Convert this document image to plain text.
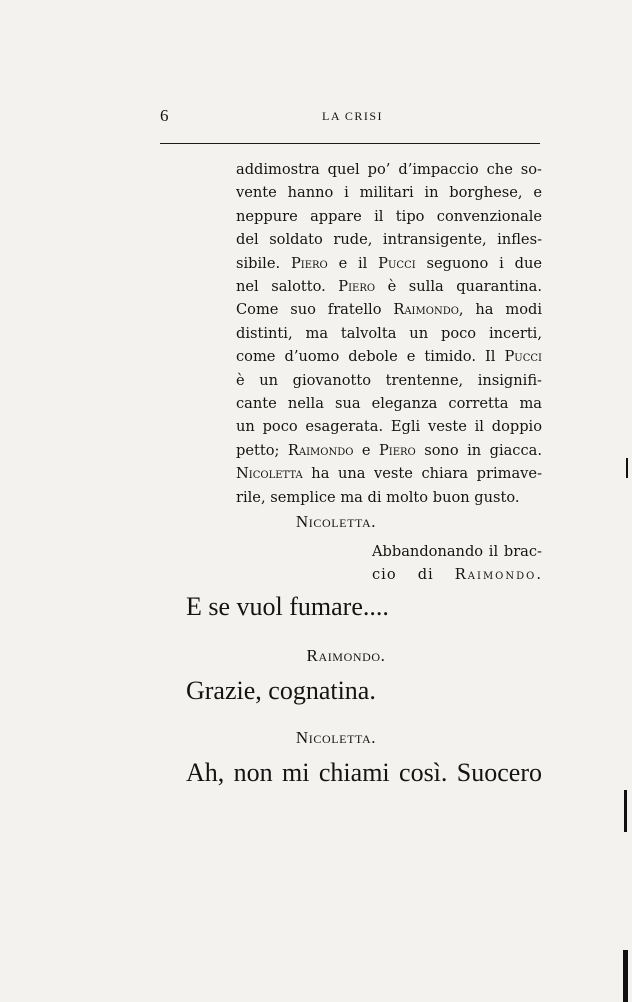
6	LA CRISI
addimostra quel po’ d’impaccio che so-
vente hanno i militari in borghese, e
neppure appare il tipo convenzionale
del soldato rude, intransigente, infles-
sibile. Piero e il Pucci seguono i due
nel salotto. Piero è sulla quarantina.
Come suo fratello Raimondo, ha modi
distinti, ma talvolta un poco incerti,
come d’uomo debole e timido. Il Pucci
è un giovanotto trentenne, insignifi-
cante nella sua eleganza corretta ma
un poco esagerata. Egli veste il doppio
petto; Raimondo e Piero sono in giacca.
Nicoletta ha una veste chiara primave-
rile, semplice ma di molto buon gusto.
Nicoletta.
Abbandonando il brac-
cio di Raimondo.
E se vuol fumare....
Raimondo.
Grazie, cognatina.
Nicoletta.
Ah, non mi chiami così. Suocero
